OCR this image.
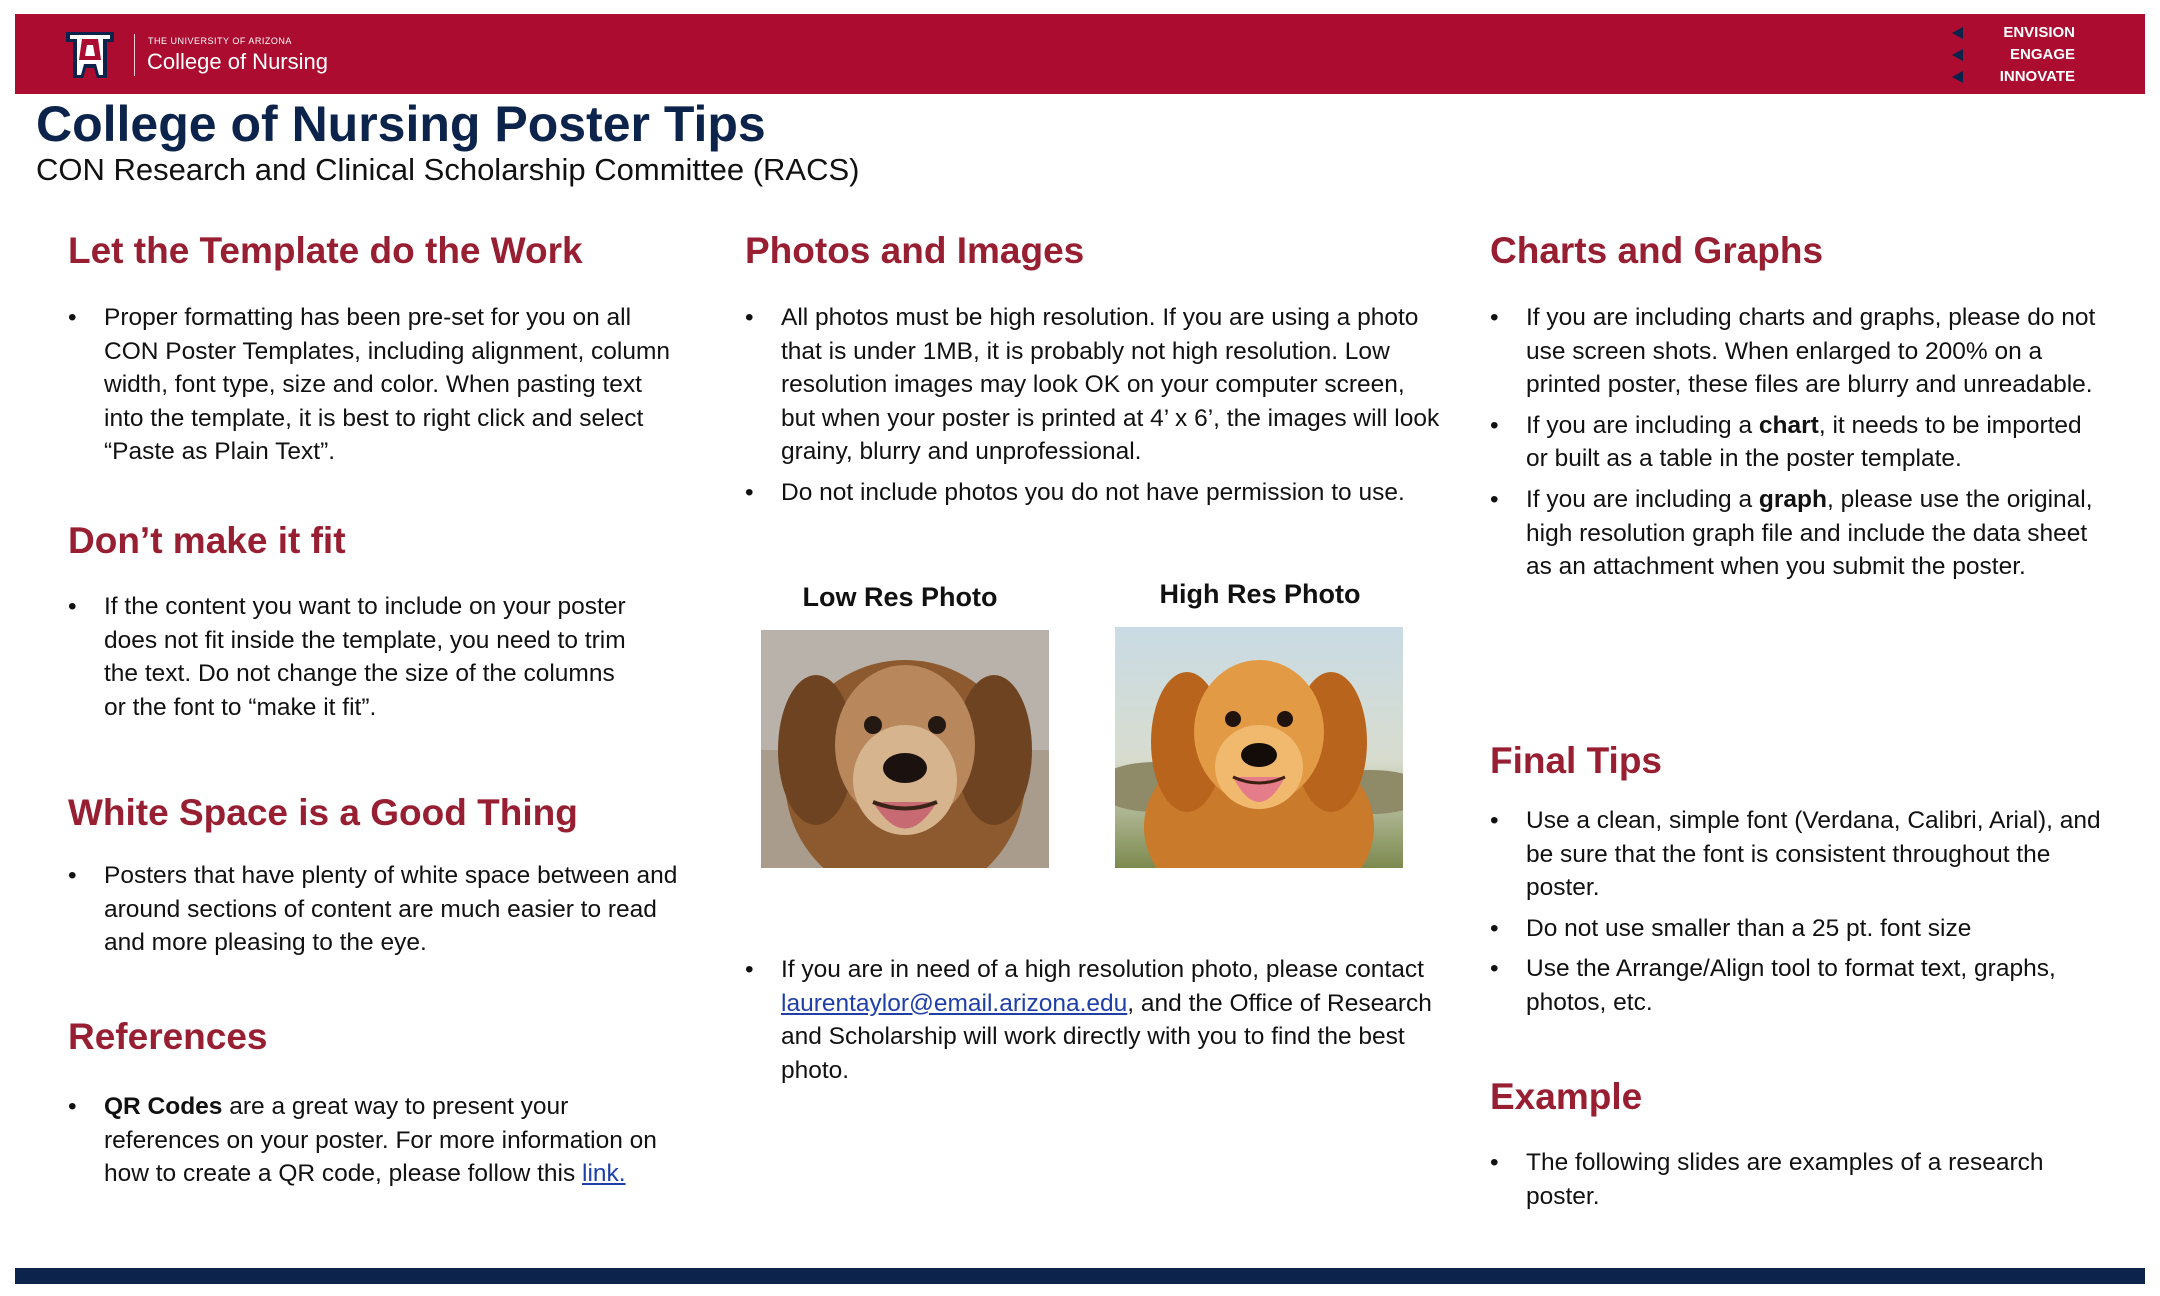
THE UNIVERSITY OF ARIZONA
College of Nursing
ENVISION
ENGAGE
INNOVATE
College of Nursing Poster Tips

CON Research and Clinical Scholarship Committee (RACS)

Let the Template do the Work
• Proper formatting has been pre-set for you on all CON Poster Templates, including alignment, column width, font type, size and color. When pasting text into the template, it is best to right click and select “Paste as Plain Text”.
Don’t make it fit
• If the content you want to include on your poster does not fit inside the template, you need to trim the text. Do not change the size of the columns or the font to “make it fit”.
White Space is a Good Thing
• Posters that have plenty of white space between and around sections of content are much easier to read and more pleasing to the eye.
References
• QR Codes are a great way to present your references on your poster. For more information on how to create a QR code, please follow this link.
Photos and Images
• All photos must be high resolution. If you are using a photo that is under 1MB, it is probably not high resolution. Low resolution images may look OK on your computer screen, but when your poster is printed at 4’ x 6’, the images will look grainy, blurry and unprofessional.
• Do not include photos you do not have permission to use.
Low Res Photo	High Res Photo
• If you are in need of a high resolution photo, please contact laurentaylor@email.arizona.edu, and the Office of Research and Scholarship will work directly with you to find the best photo.
Charts and Graphs
• If you are including charts and graphs, please do not use screen shots. When enlarged to 200% on a printed poster, these files are blurry and unreadable.
• If you are including a chart, it needs to be imported or built as a table in the poster template.
• If you are including a graph, please use the original, high resolution graph file and include the data sheet as an attachment when you submit the poster.
Final Tips
• Use a clean, simple font (Verdana, Calibri, Arial), and be sure that the font is consistent throughout the poster.
• Do not use smaller than a 25 pt. font size
• Use the Arrange/Align tool to format text, graphs, photos, etc.
Example
• The following slides are examples of a research poster.
